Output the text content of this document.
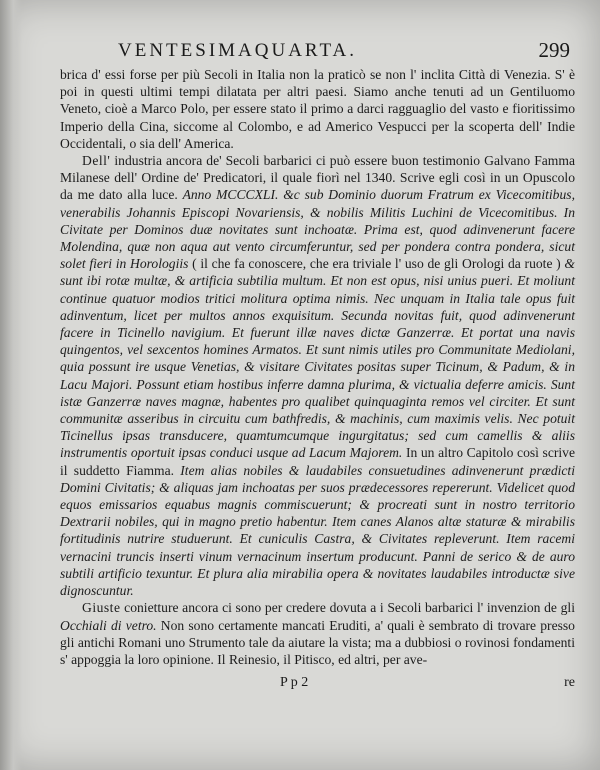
VENTESIMAQUARTA.	299

brica d' essi forse per più Secoli in Italia non la praticò se non l' inclita Città di Venezia. S' è poi in questi ultimi tempi dilatata per altri paesi. Siamo anche tenuti ad un Gentiluomo Veneto, cioè a Marco Polo, per essere stato il primo a darci ragguaglio del vasto e fioritissimo Imperio della Cina, siccome al Colombo, e ad Americo Vespucci per la scoperta dell' Indie Occidentali, o sia dell' America.

Dell' industria ancora de' Secoli barbarici ci può essere buon testimonio Galvano Famma Milanese dell' Ordine de' Predicatori, il quale fiorì nel 1340. Scrive egli così in un Opuscolo da me dato alla luce. Anno MCCCXLI. &c sub Dominio duorum Fratrum ex Vicecomitibus, venerabilis Johannis Episcopi Novariensis, & nobilis Militis Luchini de Vicecomitibus. In Civitate per Dominos duæ novitates sunt inchoatæ. Prima est, quod adinvenerunt facere Molendina, quæ non aqua aut vento circumferuntur, sed per pondera contra pondera, sicut solet fieri in Horologiis ( il che fa conoscere, che era triviale l' uso de gli Orologi da ruote ) & sunt ibi rotæ multæ, & artificia subtilia multum. Et non est opus, nisi unius pueri. Et moliunt continue quatuor modios tritici molitura optima nimis. Nec unquam in Italia tale opus fuit adinventum, licet per multos annos exquisitum. Secunda novitas fuit, quod adinvenerunt facere in Ticinello navigium. Et fuerunt illæ naves dictæ Ganzerræ. Et portat una navis quingentos, vel sexcentos homines Armatos. Et sunt nimis utiles pro Communitate Mediolani, quia possunt ire usque Venetias, & visitare Civitates positas super Ticinum, & Padum, & in Lacu Majori. Possunt etiam hostibus inferre damna plurima, & victualia deferre amicis. Sunt istæ Ganzerræ naves magnæ, habentes pro qualibet quinquaginta remos vel circiter. Et sunt communitæ asseribus in circuitu cum bathfredis, & machinis, cum maximis velis. Nec potuit Ticinellus ipsas transducere, quamtumcumque ingurgitatus; sed cum camellis & aliis instrumentis oportuit ipsas conduci usque ad Lacum Majorem. In un altro Capitolo così scrive il suddetto Fiamma. Item alias nobiles & laudabiles consuetudines adinvenerunt prædicti Domini Civitatis; & aliquas jam inchoatas per suos prædecessores repererunt. Videlicet quod equos emissarios equabus magnis commiscuerunt; & procreati sunt in nostro territorio Dextrarii nobiles, qui in magno pretio habentur. Item canes Alanos altæ staturæ & mirabilis fortitudinis nutrire studuerunt. Et cuniculis Castra, & Civitates repleverunt. Item racemi vernacini truncis inserti vinum vernacinum insertum producunt. Panni de serico & de auro subtili artificio texuntur. Et plura alia mirabilia opera & novitates laudabiles introductæ sive dignoscuntur.

Giuste conietture ancora ci sono per credere dovuta a i Secoli barbarici l' invenzion de gli Occhiali di vetro. Non sono certamente mancati Eruditi, a' quali è sembrato di trovare presso gli antichi Romani uno Strumento tale da aiutare la vista; ma a dubbiosi o rovinosi fondamenti s' appoggia la loro opinione. Il Reinesio, il Pitisco, ed altri, per ave-

P p 2	re
